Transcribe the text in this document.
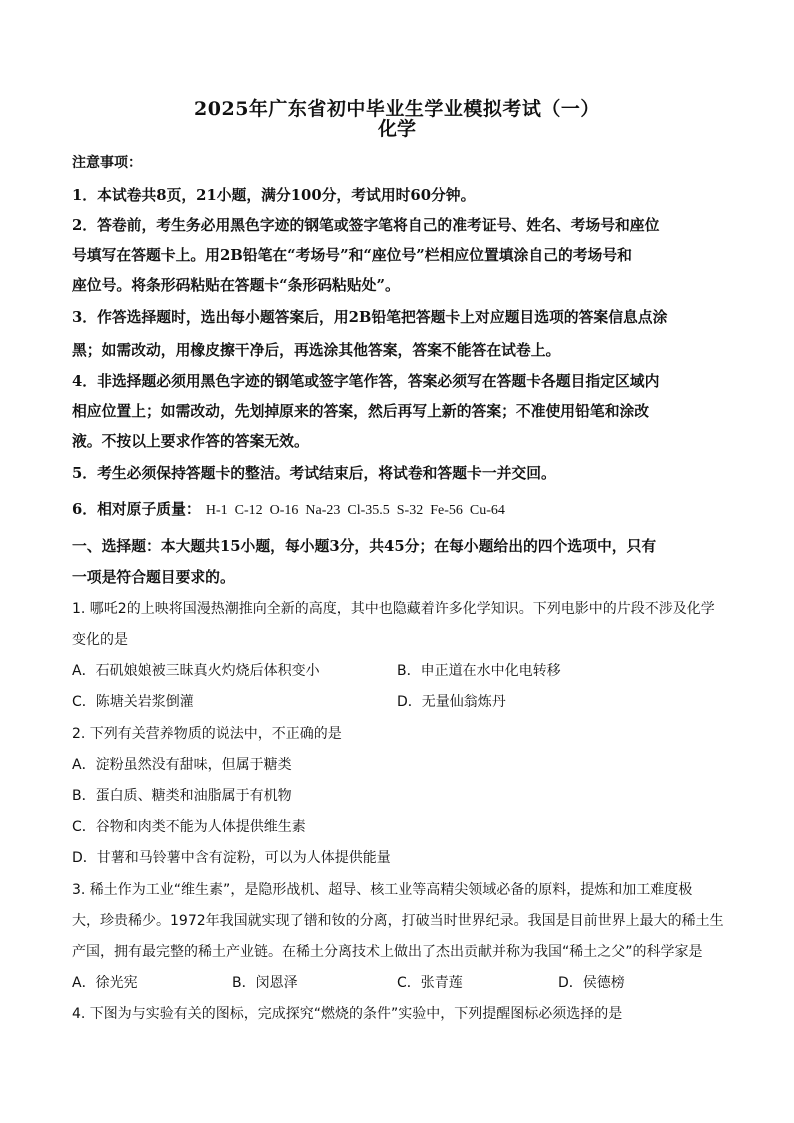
2025年广东省初中毕业生学业模拟考试（一）
化学
注意事项：
1．本试卷共8页，21小题，满分100分，考试用时60分钟。
2．答卷前，考生务必用黑色字迹的钢笔或签字笔将自己的准考证号、姓名、考场号和座位
号填写在答题卡上。用2B铅笔在“考场号”和“座位号”栏相应位置填涂自己的考场号和
座位号。将条形码粘贴在答题卡“条形码粘贴处”。
3．作答选择题时，选出每小题答案后，用2B铅笔把答题卡上对应题目选项的答案信息点涂
黑；如需改动，用橡皮擦干净后，再选涂其他答案，答案不能答在试卷上。
4．非选择题必须用黑色字迹的钢笔或签字笔作答，答案必须写在答题卡各题目指定区域内
相应位置上；如需改动，先划掉原来的答案，然后再写上新的答案；不准使用铅笔和涂改
液。不按以上要求作答的答案无效。
5．考生必须保持答题卡的整洁。考试结束后，将试卷和答题卡一并交回。
6．相对原子质量： H-1  C-12  O-16  Na-23  Cl-35.5  S-32  Fe-56  Cu-64
一、选择题：本大题共15小题，每小题3分，共45分；在每小题给出的四个选项中，只有
一项是符合题目要求的。
1. 哪吒2的上映将国漫热潮推向全新的高度，其中也隐藏着许多化学知识。下列电影中的片段不涉及化学
变化的是
A．石矶娘娘被三昧真火灼烧后体积变小	B．申正道在水中化电转移
C．陈塘关岩浆倒灌	D．无量仙翁炼丹
2. 下列有关营养物质的说法中，不正确的是
A．淀粉虽然没有甜味，但属于糖类
B．蛋白质、糖类和油脂属于有机物
C．谷物和肉类不能为人体提供维生素
D．甘薯和马铃薯中含有淀粉，可以为人体提供能量
3. 稀土作为工业“维生素”，是隐形战机、超导、核工业等高精尖领域必备的原料，提炼和加工难度极
大，珍贵稀少。1972年我国就实现了镨和钕的分离，打破当时世界纪录。我国是目前世界上最大的稀土生
产国，拥有最完整的稀土产业链。在稀土分离技术上做出了杰出贡献并称为我国“稀土之父”的科学家是
A．徐光宪	B．闵恩泽	C．张青莲	D．侯德榜
4. 下图为与实验有关的图标，完成探究“燃烧的条件”实验中，下列提醒图标必须选择的是
